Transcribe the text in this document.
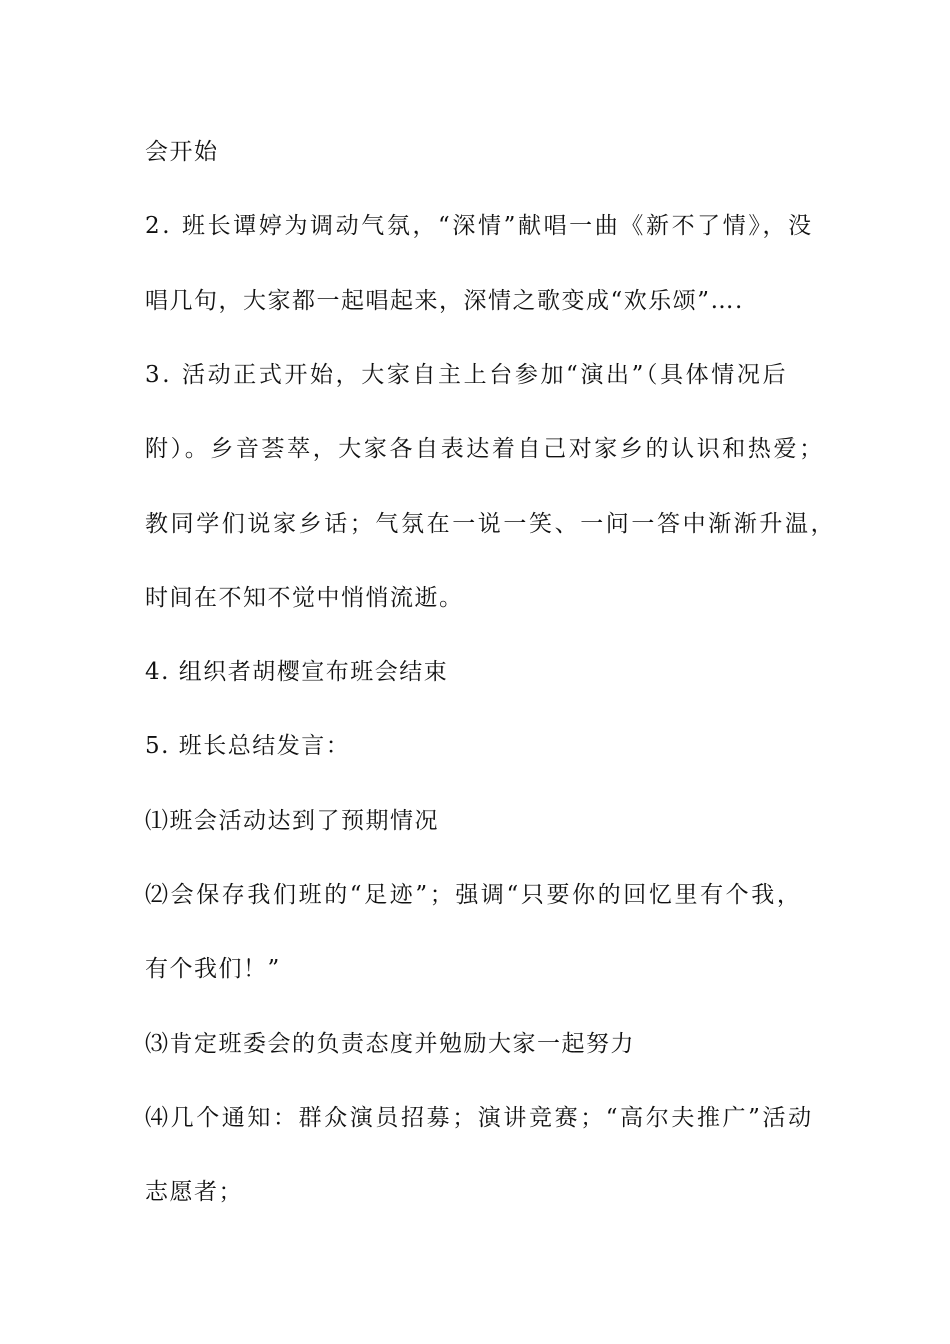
会开始
2. 班长谭婷为调动气氛，“深情”献唱一曲《新不了情》，没
唱几句，大家都一起唱起来，深情之歌变成“欢乐颂”….
3. 活动正式开始，大家自主上台参加“演出”（具体情况后
附）。乡音荟萃，大家各自表达着自己对家乡的认识和热爱；
教同学们说家乡话；气氛在一说一笑、一问一答中渐渐升温，
时间在不知不觉中悄悄流逝。
4. 组织者胡樱宣布班会结束
5. 班长总结发言：
⑴班会活动达到了预期情况
⑵会保存我们班的“足迹”；强调“只要你的回忆里有个我，
有个我们！”
⑶肯定班委会的负责态度并勉励大家一起努力
⑷几个通知：群众演员招募；演讲竞赛；“高尔夫推广”活动
志愿者；
